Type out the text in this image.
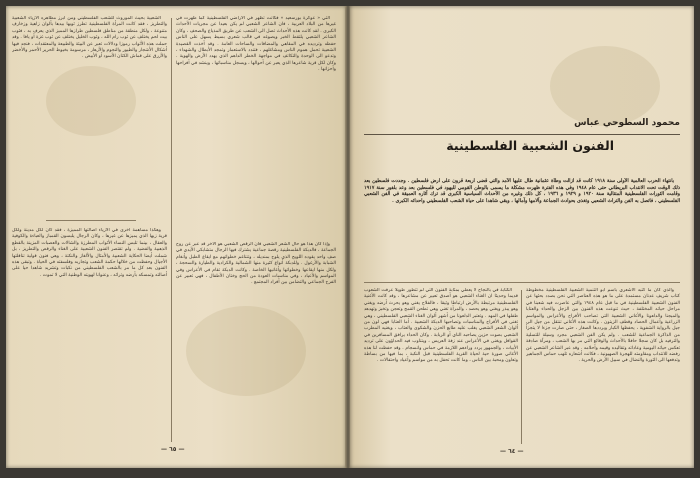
التي « عوكرة بورسعيد » فكانت تظهر في الاراضي الفلسطينية كما ظهرت في غيرها من البلاد العربية ، فان الشاعر الشعبي لم يكن بعيدا عن مجريات الأحداث الكبرى . لقد كانت هذه الأحداث تصل الى الشعب عن طريق المذياع والصحف ، وكان الشاعر الشعبي يلتقط الخبر ويصوغه في قالب شعري بسيط يسهل على الناس حفظه وترديده في المقاهي والمضافات والساحات العامة . وقد أخذت القصيدة الشعبية تحمل هموم الناس ومشاغلهم ، فتندد بالاستعمار وتمجد الأبطال والشهداء ، وتدعو الى الوحدة والتكاتف في مواجهة الخطر الداهم الذي يهدد الأرض والهوية . وكان لكل قرية شاعرها الذي يعبر عن أحوالها ، ويسجل مناسباتها ، وينشد في أفراحها وأحزانها .

وإذا كان هذا هو حال الشعر الشعبي فان الرقص الشعبي هو الآخر قد عبر عن روح الجماعة ، فالدبكة الفلسطينية رقصة جماعية يشترك فيها الرجال متشابكي الأيدي في صف واحد يقوده اللويح الذي يلوح بمنديله ، وتتناغم خطواتهم مع ايقاع الطبل وأنغام الشبابة والأرغول . وللدبكة أنواع كثيرة منها الشمالية والكرادية والطيارة والسحجة ، ولكل منها ايقاعها وخطواتها وأغانيها الخاصة . وكانت الدبكة تقام في الأعراس وفي المواسم والأعياد ، وفي مناسبات العودة من الحج وختان الأطفال ، فهي تعبير عن الفرح الجماعي والتضامن بين أفراد المجتمع .

الشعبية بحيث الموروث للشعب الفلسطيني ومن أبرز مظاهره الأزياء الشعبية والتطريز ، فقد كانت المرأة الفلسطينية تطرز ثوبها بيدها بألوان زاهية وزخارف متنوعة ، ولكل منطقة من مناطق فلسطين طرازها المميز الذي يعرف به ، فثوب بيت لحم يختلف عن ثوب رام الله ، وثوب الخليل يختلف عن ثوب غزة أو يافا . وقد حملت هذه الأثواب رموزا ودلالات تعبر عن البيئة والطبيعة والمعتقدات ، فنجد فيها أشكال الأشجار والطيور والنجوم والأزهار ، مرسومة بخيوط الحرير الأحمر والأخضر والأزرق على قماش الكتان الأسود أو الأبيض .

وهكذا مساهمة اخرى في الأزياء اصالتها المميزة ، فقد كان لكل مدينة ولكل قرية زيها الذي يميزها عن غيرها ، وكان الرجال يلبسون القمباز والعباءة والكوفية والعقال ، بينما تلبس النساء الأثواب المطرزة والشالات والعصبات المزينة بالقطع الذهبية والفضية . ولم تقتصر الفنون الشعبية على الغناء والرقص والتطريز ، بل شملت أيضا الحكاية الشعبية والأمثال والألغاز والنكتة ، وهي فنون قولية تناقلتها الأجيال وحفظت من خلالها حكمة الشعب وتجاربه وفلسفته في الحياة . وتبقى هذه الفنون بعد كل ما مر بالشعب الفلسطيني من نكبات وتشريد شاهدا حيا على أصالته وتمسكه بأرضه وتراثه ، وعنوانا لهويته الوطنية التي لا تموت .

— ٦٥ —
محمود السطوحي عباس
الفنون الشعبية الفلسطينية

بانتهاء الحرب العالمية الأولى سنة ١٩١٨ كانت قد ازالت وطأة عثمانية طال عليها الأمد والتي قضى اربعة قرون على ارض فلسطين . وجددت فلسطين بعد ذلك الوقت تحت الانتداب البريطاني حتى عام ١٩٤٨ وفي هذه الفترة ظهرت مشكلة ما يسمى بالوطن القومي لليهود في فلسطين بعد وعد بلفور سنة ١٩١٧ وقامت الثورات الفلسطينية المتتالية سنة ١٩٢٠ و ١٩٢٩ و ١٩٣٦ ، كل ذلك وغيره من الأحداث السياسية الكبرى قد ترك آثاره العميقة في الفن الشعبي الفلسطيني ، فاتصل به الفن والتراث الشعبي وتغذى بحوادث الجماعة وآلامها وآمالها ، وبقي شاهدا على حياة الشعب الفلسطيني واحداثه الكبرى .

والذي كان ما كتبه الأشعري باسم أبو التنمية الشعبية الفلسطينية مخطوطة كتاب شريف عدنان مستمدة على ما هو هذه العناصر التي نحن بصدد بحثها عن الفنون الشعبية الفلسطينية في ما قبل عام ١٩٤٨ والتي عاصرت فيه شعبنا في مراحل حياته المختلفة ، حيث تنوعت هذه الفنون بين الزجل والحداء والعتابا والميجنا والدلعونا والأغاني الشعبية التي تصاحب الأفراح والأعراس والمواسم الزراعية وأعمال الحصاد وقطف الزيتون . وكانت هذه الأغاني تنتقل من جيل الى جيل بالرواية الشفوية ، يحفظها الكبار ويرددها الصغار ، حتى صارت جزءا لا يتجزأ من الذاكرة الجماعية للشعب . ولم يكن الفن الشعبي مجرد وسيلة للتسلية والترفيه بل كان سجلا حافلا بالأحداث والوقائع التي مر بها الشعب ، ومرآة صادقة تعكس حياته اليومية وعاداته وتقاليده وقيمه وأحلامه . وقد عبر الشاعر الشعبي عن رفضه للانتداب ومقاومته للهجرة الصهيونية ، فكانت أشعاره تلهب حماس الجماهير وتدفعها الى الثورة والنضال في سبيل الأرض والحرية .

الكتابة في بالنجاح لا يعطي بمثابة الفنون التي لم تتطور طويلا عرفت الشعوب قديما وحديثا ان الغناء الشعبي هو أصدق تعبير عن مشاعرها ، وقد كانت الأغنية الفلسطينية مرتبطة بالأرض ارتباطا وثيقا ، فالفلاح يغني وهو يحرث أرضه ويغني وهو يبذر ويغني وهو يحصد ، والمرأة تغني وهي تطحن القمح وتعجن وتخبز وتهدهد طفلها في المهد . وتعتبر الدلعونا من أشهر ألوان الغناء الشعبي الفلسطيني ، وهي تغنى في الأفراح والمناسبات وتصاحبها الدبكة الشعبية . أما العتابا فهي لون من ألوان الشعر الشعبي يغلب عليه طابع الحزن والشكوى والعتاب ، ويغنيه المطرب الشعبي بصوت حزين يصاحبه الناي أو الربابة . وكان الحداء يرافق المسافرين في القوافل ويغنى في الأعراس عند زفة العريس ، ويتناوب فيه الحداؤون على ترديد الأبيات ، والجمهور يردد وراءهم اللازمة في حماس وانسجام . وقد حفظت لنا هذه الأغاني صورة حية لحياة القرية الفلسطينية قبل النكبة ، بما فيها من بساطة وتعاون ومحبة بين الناس ، وما كانت تحفل به من مواسم وأعياد واحتفالات .

— ٦٤ —
